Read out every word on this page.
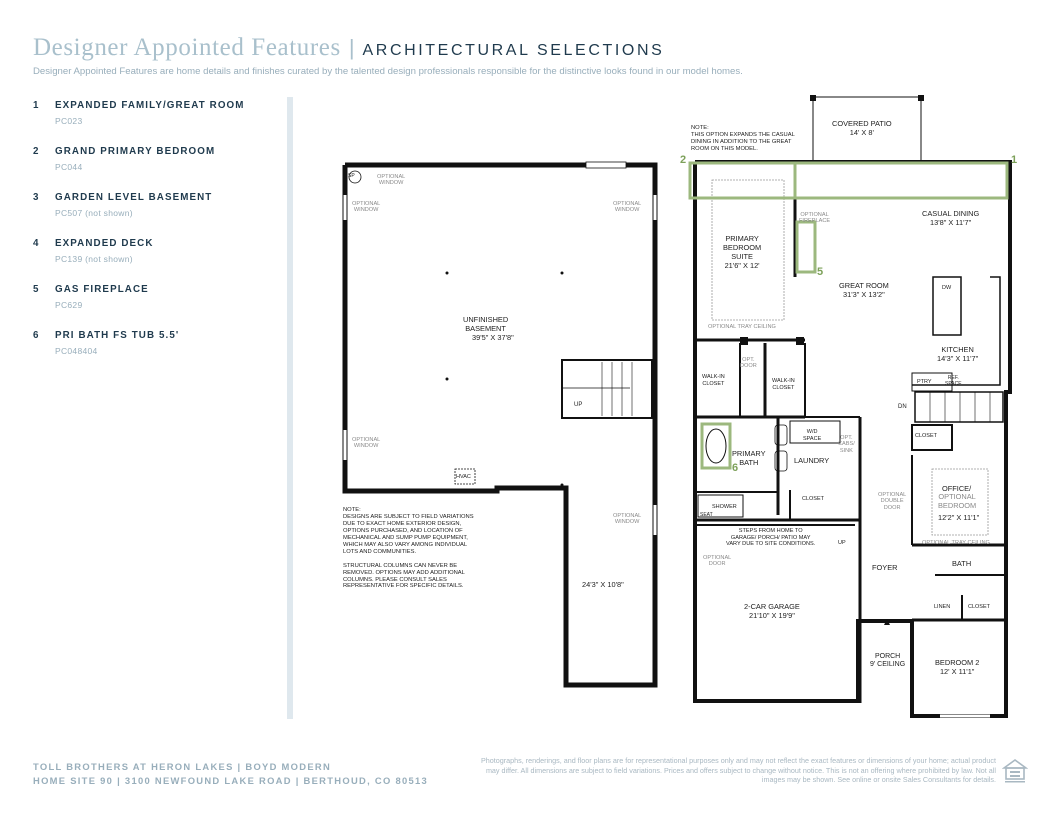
Designer Appointed Features | ARCHITECTURAL SELECTIONS
Designer Appointed Features are home details and finishes curated by the talented design professionals responsible for the distinctive looks found in our model homes.
1	EXPANDED FAMILY/GREAT ROOM
PC023
2	GRAND PRIMARY BEDROOM
PC044
3	GARDEN LEVEL BASEMENT
PC507 (not shown)
4	EXPANDED DECK
PC139 (not shown)
5	GAS FIREPLACE
PC629
6	PRI BATH FS TUB 5.5'
PC048404
SP	OPTIONAL
WINDOW
OPTIONAL
WINDOW
OPTIONAL
WINDOW
OPTIONAL
WINDOW
OPTIONAL
WINDOW
UNFINISHED
BASEMENT
39'5" X 37'8"
UP
HVAC
24'3" X 10'8"
NOTE:
DESIGNS ARE SUBJECT TO FIELD VARIATIONS
DUE TO EXACT HOME EXTERIOR DESIGN,
OPTIONS PURCHASED, AND LOCATION OF
MECHANICAL AND SUMP PUMP EQUIPMENT,
WHICH MAY ALSO VARY AMONG INDIVIDUAL
LOTS AND COMMUNITIES.

STRUCTURAL COLUMNS CAN NEVER BE
REMOVED. OPTIONS MAY ADD ADDITIONAL
COLUMNS. PLEASE CONSULT SALES
REPRESENTATIVE FOR SPECIFIC DETAILS.
NOTE:
THIS OPTION EXPANDS THE CASUAL
DINING IN ADDITION TO THE GREAT
ROOM ON THIS MODEL.
COVERED PATIO
14' X 8'
CASUAL DINING
13'8" X 11'7"
OPTIONAL
FIREPLACE
PRIMARY
BEDROOM
SUITE
21'6" X 12'
GREAT ROOM
31'3" X 13'2"
OPTIONAL TRAY CEILING
DW
KITCHEN
14'3" X 11'7"
PTRY
REF.
SPACE
OPT.
DOOR
WALK-IN
CLOSET	WALK-IN
CLOSET
DN
CLOSET
W/D
SPACE	OPT.
CABS/
SINK
PRIMARY
BATH	LAUNDRY
OFFICE/
OPTIONAL
BEDROOM
12'2" X 11'1"
OPTIONAL
DOUBLE
DOOR
SHOWER
SEAT
CLOSET
STEPS FROM HOME TO
GARAGE/ PORCH/ PATIO MAY
VARY DUE TO SITE CONDITIONS.	UP	OPTIONAL TRAY CEILING
OPTIONAL
DOOR	FOYER	BATH
LINEN	CLOSET
2-CAR GARAGE
21'10" X 19'9"
PORCH
9' CEILING	BEDROOM 2
12' X 11'1"
1
2
5
6
TOLL BROTHERS AT HERON LAKES | BOYD MODERN
HOME SITE 90 | 3100 NEWFOUND LAKE ROAD | BERTHOUD, CO 80513
Photographs, renderings, and floor plans are for representational purposes only and may not reflect the exact features or dimensions of your home; actual product may differ. All dimensions are subject to field variations. Prices and offers subject to change without notice. This is not an offering where prohibited by law. Not all images may be shown. See online or onsite Sales Consultants for details.
